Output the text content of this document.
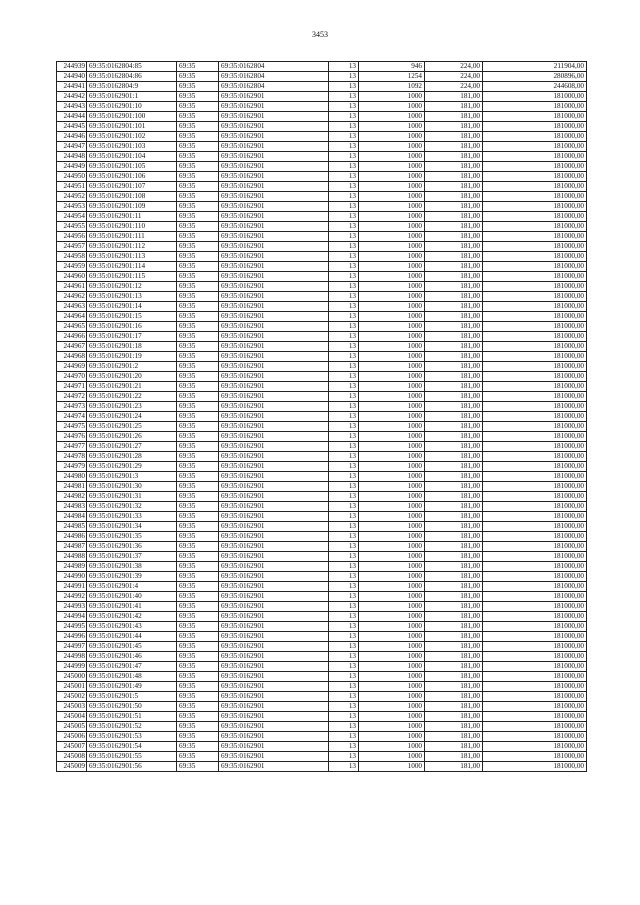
3453
244939	69:35:0162804:85	69:35	69:35:0162804	13	946	224,00	211904,00
244940	69:35:0162804:86	69:35	69:35:0162804	13	1254	224,00	280896,00
244941	69:35:0162804:9	69:35	69:35:0162804	13	1092	224,00	244608,00
244942	69:35:0162901:1	69:35	69:35:0162901	13	1000	181,00	181000,00
244943	69:35:0162901:10	69:35	69:35:0162901	13	1000	181,00	181000,00
244944	69:35:0162901:100	69:35	69:35:0162901	13	1000	181,00	181000,00
244945	69:35:0162901:101	69:35	69:35:0162901	13	1000	181,00	181000,00
244946	69:35:0162901:102	69:35	69:35:0162901	13	1000	181,00	181000,00
244947	69:35:0162901:103	69:35	69:35:0162901	13	1000	181,00	181000,00
244948	69:35:0162901:104	69:35	69:35:0162901	13	1000	181,00	181000,00
244949	69:35:0162901:105	69:35	69:35:0162901	13	1000	181,00	181000,00
244950	69:35:0162901:106	69:35	69:35:0162901	13	1000	181,00	181000,00
244951	69:35:0162901:107	69:35	69:35:0162901	13	1000	181,00	181000,00
244952	69:35:0162901:108	69:35	69:35:0162901	13	1000	181,00	181000,00
244953	69:35:0162901:109	69:35	69:35:0162901	13	1000	181,00	181000,00
244954	69:35:0162901:11	69:35	69:35:0162901	13	1000	181,00	181000,00
244955	69:35:0162901:110	69:35	69:35:0162901	13	1000	181,00	181000,00
244956	69:35:0162901:111	69:35	69:35:0162901	13	1000	181,00	181000,00
244957	69:35:0162901:112	69:35	69:35:0162901	13	1000	181,00	181000,00
244958	69:35:0162901:113	69:35	69:35:0162901	13	1000	181,00	181000,00
244959	69:35:0162901:114	69:35	69:35:0162901	13	1000	181,00	181000,00
244960	69:35:0162901:115	69:35	69:35:0162901	13	1000	181,00	181000,00
244961	69:35:0162901:12	69:35	69:35:0162901	13	1000	181,00	181000,00
244962	69:35:0162901:13	69:35	69:35:0162901	13	1000	181,00	181000,00
244963	69:35:0162901:14	69:35	69:35:0162901	13	1000	181,00	181000,00
244964	69:35:0162901:15	69:35	69:35:0162901	13	1000	181,00	181000,00
244965	69:35:0162901:16	69:35	69:35:0162901	13	1000	181,00	181000,00
244966	69:35:0162901:17	69:35	69:35:0162901	13	1000	181,00	181000,00
244967	69:35:0162901:18	69:35	69:35:0162901	13	1000	181,00	181000,00
244968	69:35:0162901:19	69:35	69:35:0162901	13	1000	181,00	181000,00
244969	69:35:0162901:2	69:35	69:35:0162901	13	1000	181,00	181000,00
244970	69:35:0162901:20	69:35	69:35:0162901	13	1000	181,00	181000,00
244971	69:35:0162901:21	69:35	69:35:0162901	13	1000	181,00	181000,00
244972	69:35:0162901:22	69:35	69:35:0162901	13	1000	181,00	181000,00
244973	69:35:0162901:23	69:35	69:35:0162901	13	1000	181,00	181000,00
244974	69:35:0162901:24	69:35	69:35:0162901	13	1000	181,00	181000,00
244975	69:35:0162901:25	69:35	69:35:0162901	13	1000	181,00	181000,00
244976	69:35:0162901:26	69:35	69:35:0162901	13	1000	181,00	181000,00
244977	69:35:0162901:27	69:35	69:35:0162901	13	1000	181,00	181000,00
244978	69:35:0162901:28	69:35	69:35:0162901	13	1000	181,00	181000,00
244979	69:35:0162901:29	69:35	69:35:0162901	13	1000	181,00	181000,00
244980	69:35:0162901:3	69:35	69:35:0162901	13	1000	181,00	181000,00
244981	69:35:0162901:30	69:35	69:35:0162901	13	1000	181,00	181000,00
244982	69:35:0162901:31	69:35	69:35:0162901	13	1000	181,00	181000,00
244983	69:35:0162901:32	69:35	69:35:0162901	13	1000	181,00	181000,00
244984	69:35:0162901:33	69:35	69:35:0162901	13	1000	181,00	181000,00
244985	69:35:0162901:34	69:35	69:35:0162901	13	1000	181,00	181000,00
244986	69:35:0162901:35	69:35	69:35:0162901	13	1000	181,00	181000,00
244987	69:35:0162901:36	69:35	69:35:0162901	13	1000	181,00	181000,00
244988	69:35:0162901:37	69:35	69:35:0162901	13	1000	181,00	181000,00
244989	69:35:0162901:38	69:35	69:35:0162901	13	1000	181,00	181000,00
244990	69:35:0162901:39	69:35	69:35:0162901	13	1000	181,00	181000,00
244991	69:35:0162901:4	69:35	69:35:0162901	13	1000	181,00	181000,00
244992	69:35:0162901:40	69:35	69:35:0162901	13	1000	181,00	181000,00
244993	69:35:0162901:41	69:35	69:35:0162901	13	1000	181,00	181000,00
244994	69:35:0162901:42	69:35	69:35:0162901	13	1000	181,00	181000,00
244995	69:35:0162901:43	69:35	69:35:0162901	13	1000	181,00	181000,00
244996	69:35:0162901:44	69:35	69:35:0162901	13	1000	181,00	181000,00
244997	69:35:0162901:45	69:35	69:35:0162901	13	1000	181,00	181000,00
244998	69:35:0162901:46	69:35	69:35:0162901	13	1000	181,00	181000,00
244999	69:35:0162901:47	69:35	69:35:0162901	13	1000	181,00	181000,00
245000	69:35:0162901:48	69:35	69:35:0162901	13	1000	181,00	181000,00
245001	69:35:0162901:49	69:35	69:35:0162901	13	1000	181,00	181000,00
245002	69:35:0162901:5	69:35	69:35:0162901	13	1000	181,00	181000,00
245003	69:35:0162901:50	69:35	69:35:0162901	13	1000	181,00	181000,00
245004	69:35:0162901:51	69:35	69:35:0162901	13	1000	181,00	181000,00
245005	69:35:0162901:52	69:35	69:35:0162901	13	1000	181,00	181000,00
245006	69:35:0162901:53	69:35	69:35:0162901	13	1000	181,00	181000,00
245007	69:35:0162901:54	69:35	69:35:0162901	13	1000	181,00	181000,00
245008	69:35:0162901:55	69:35	69:35:0162901	13	1000	181,00	181000,00
245009	69:35:0162901:56	69:35	69:35:0162901	13	1000	181,00	181000,00
